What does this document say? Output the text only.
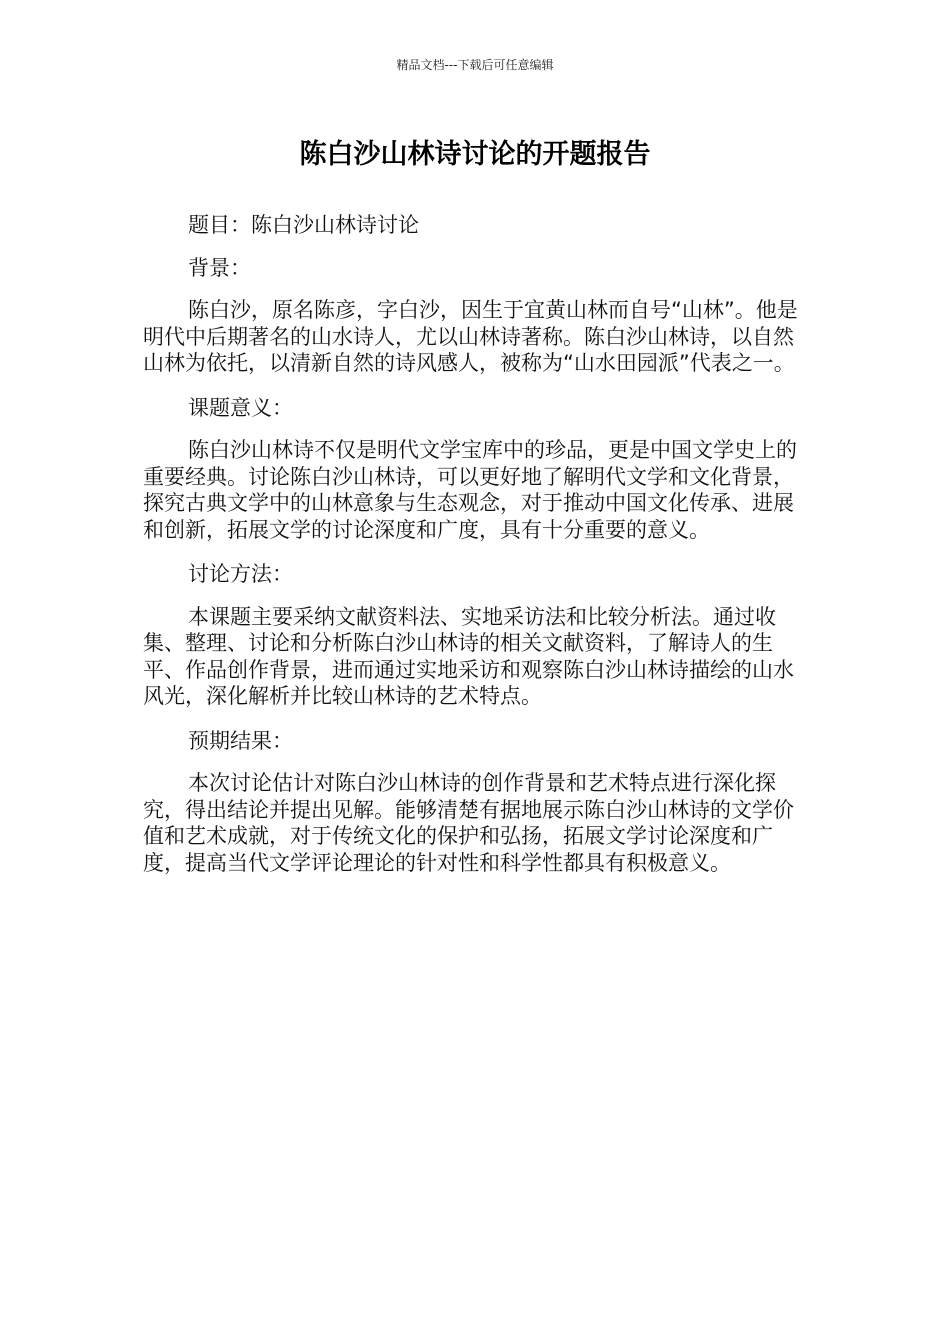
精品文档---下载后可任意编辑
陈白沙山林诗讨论的开题报告

题目：陈白沙山林诗讨论

背景：

陈白沙，原名陈彦，字白沙，因生于宜黄山林而自号“山林”。他是明代中后期著名的山水诗人，尤以山林诗著称。陈白沙山林诗，以自然山林为依托，以清新自然的诗风感人，被称为“山水田园派”代表之一。

课题意义：

陈白沙山林诗不仅是明代文学宝库中的珍品，更是中国文学史上的重要经典。讨论陈白沙山林诗，可以更好地了解明代文学和文化背景，探究古典文学中的山林意象与生态观念，对于推动中国文化传承、进展和创新，拓展文学的讨论深度和广度，具有十分重要的意义。

讨论方法：

本课题主要采纳文献资料法、实地采访法和比较分析法。通过收集、整理、讨论和分析陈白沙山林诗的相关文献资料，了解诗人的生平、作品创作背景，进而通过实地采访和观察陈白沙山林诗描绘的山水风光，深化解析并比较山林诗的艺术特点。

预期结果：

本次讨论估计对陈白沙山林诗的创作背景和艺术特点进行深化探究，得出结论并提出见解。能够清楚有据地展示陈白沙山林诗的文学价值和艺术成就，对于传统文化的保护和弘扬，拓展文学讨论深度和广度，提高当代文学评论理论的针对性和科学性都具有积极意义。
